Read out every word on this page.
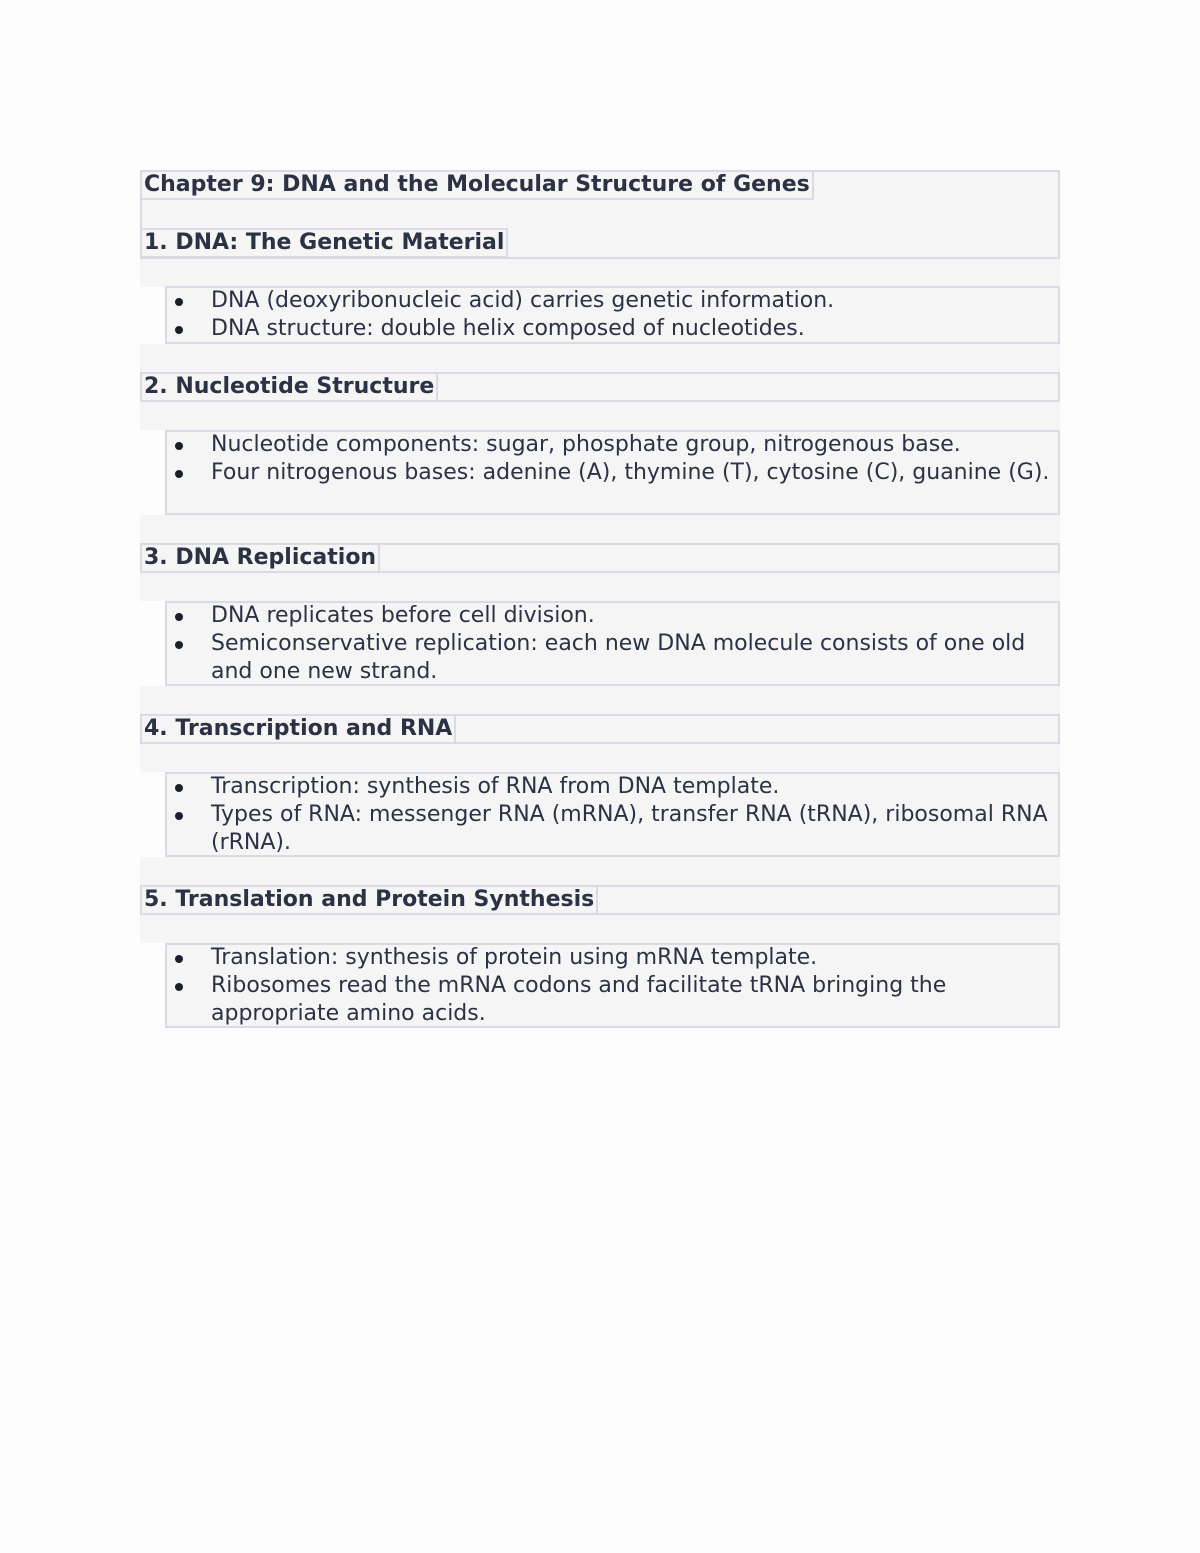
Chapter 9: DNA and the Molecular Structure of Genes
1. DNA: The Genetic Material
DNA (deoxyribonucleic acid) carries genetic information.
DNA structure: double helix composed of nucleotides.
2. Nucleotide Structure
Nucleotide components: sugar, phosphate group, nitrogenous base.
Four nitrogenous bases: adenine (A), thymine (T), cytosine (C), guanine (G).
3. DNA Replication
DNA replicates before cell division.
Semiconservative replication: each new DNA molecule consists of one old and one new strand.
4. Transcription and RNA
Transcription: synthesis of RNA from DNA template.
Types of RNA: messenger RNA (mRNA), transfer RNA (tRNA), ribosomal RNA (rRNA).
5. Translation and Protein Synthesis
Translation: synthesis of protein using mRNA template.
Ribosomes read the mRNA codons and facilitate tRNA bringing the appropriate amino acids.
